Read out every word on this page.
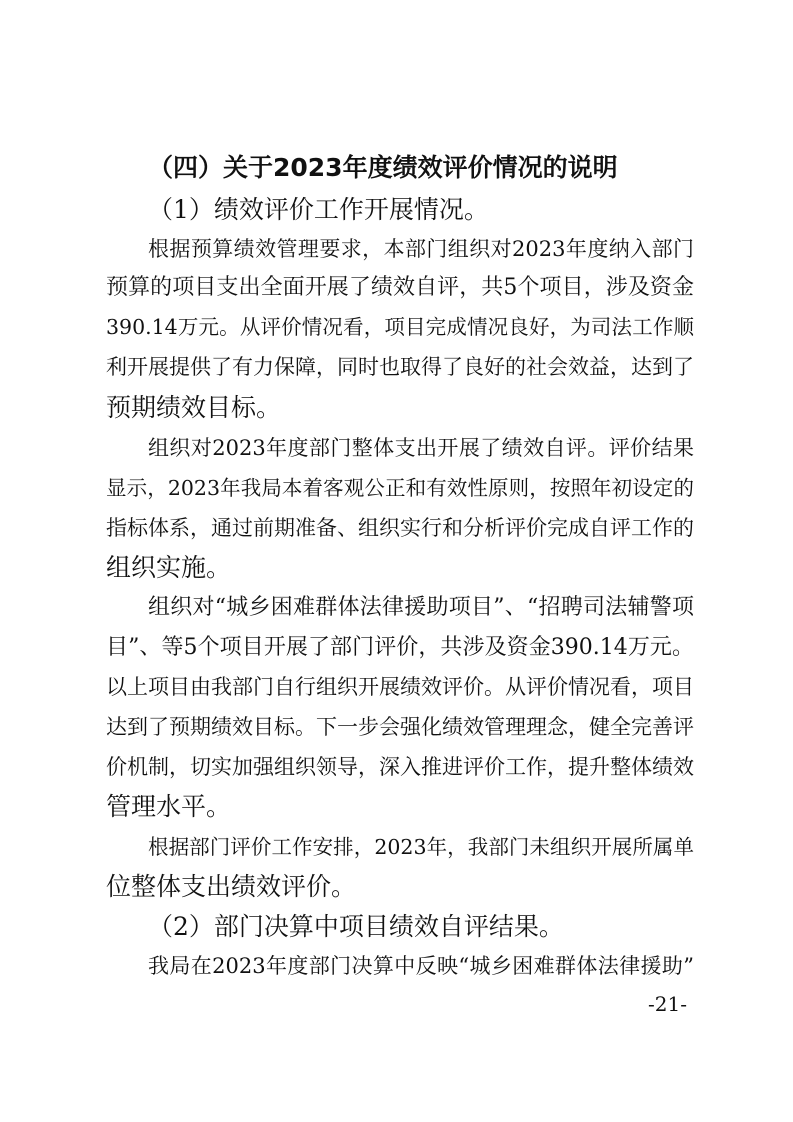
（四）关于2023年度绩效评价情况的说明
（1）绩效评价工作开展情况。
根据预算绩效管理要求，本部门组织对2023年度纳入部门
预算的项目支出全面开展了绩效自评，共5个项目，涉及资金
390.14万元。从评价情况看，项目完成情况良好，为司法工作顺
利开展提供了有力保障，同时也取得了良好的社会效益，达到了
预期绩效目标。
组织对2023年度部门整体支出开展了绩效自评。评价结果
显示，2023年我局本着客观公正和有效性原则，按照年初设定的
指标体系，通过前期准备、组织实行和分析评价完成自评工作的
组织实施。
组织对“城乡困难群体法律援助项目”、“招聘司法辅警项
目”、等5个项目开展了部门评价，共涉及资金390.14万元。
以上项目由我部门自行组织开展绩效评价。从评价情况看，项目
达到了预期绩效目标。下一步会强化绩效管理理念，健全完善评
价机制，切实加强组织领导，深入推进评价工作，提升整体绩效
管理水平。
根据部门评价工作安排，2023年，我部门未组织开展所属单
位整体支出绩效评价。
（2）部门决算中项目绩效自评结果。
我局在2023年度部门决算中反映“城乡困难群体法律援助”
-21-
